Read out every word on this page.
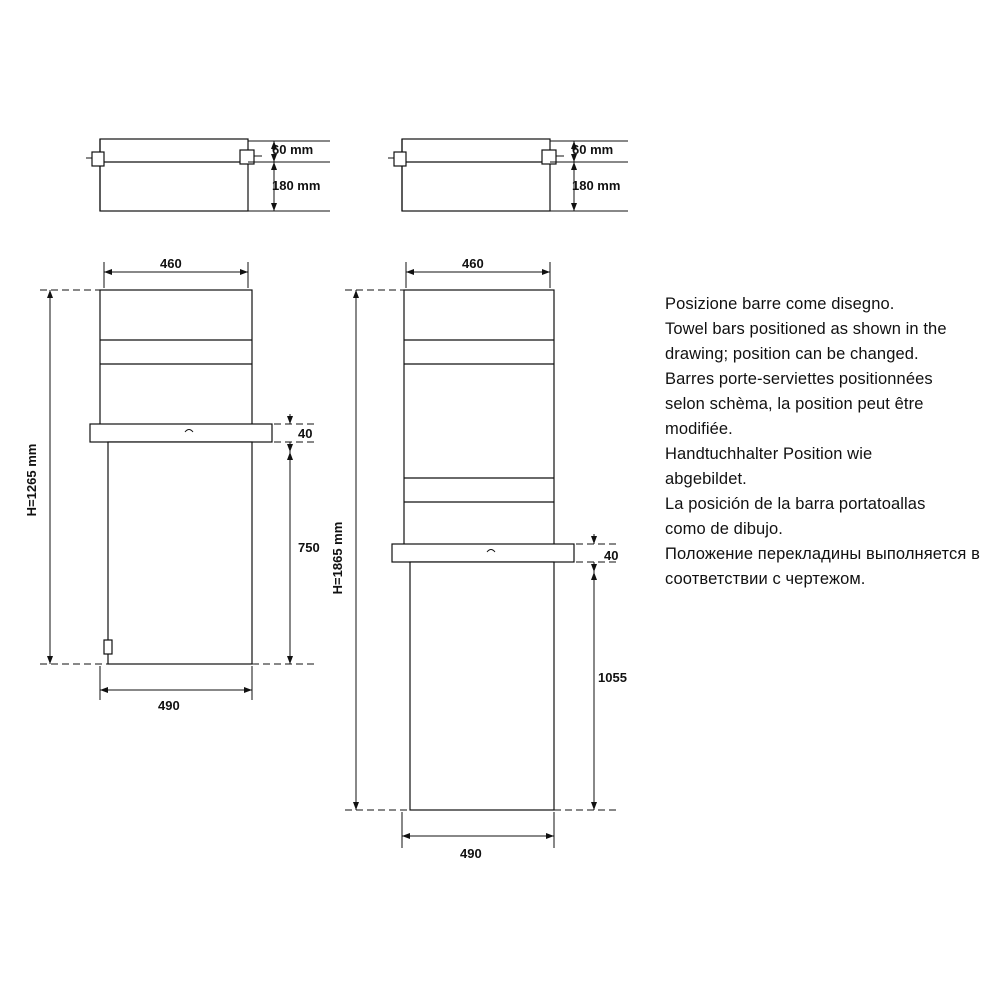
60 mm
180 mm
460
490
H=1265 mm
40
750
60 mm
180 mm
460
490
H=1865 mm	40
1055

Posizione barre come disegno.

Towel bars positioned as shown in the

drawing; position can be changed.

Barres porte-serviettes positionnées

selon schèma, la position peut être

modifiée.

Handtuchhalter Position wie

abgebildet.

La posición de la barra portatoallas

como de dibujo.

Положение перекладины выполняется в

соответствии с чертежом.
